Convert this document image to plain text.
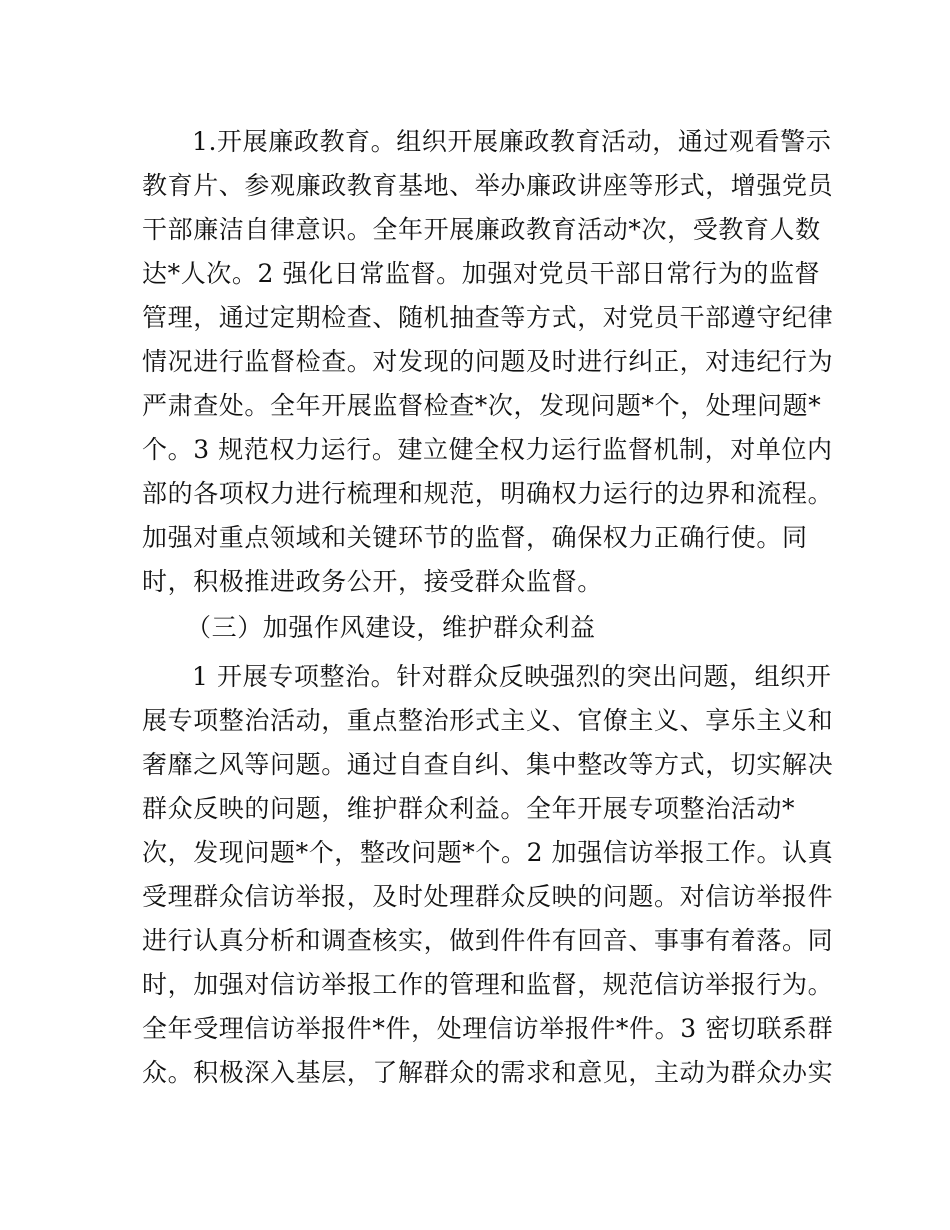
1.开展廉政教育。组织开展廉政教育活动，通过观看警示
教育片、参观廉政教育基地、举办廉政讲座等形式，增强党员
干部廉洁自律意识。全年开展廉政教育活动*次，受教育人数
达*人次。2 强化日常监督。加强对党员干部日常行为的监督
管理，通过定期检查、随机抽查等方式，对党员干部遵守纪律
情况进行监督检查。对发现的问题及时进行纠正，对违纪行为
严肃查处。全年开展监督检查*次，发现问题*个，处理问题*
个。3 规范权力运行。建立健全权力运行监督机制，对单位内
部的各项权力进行梳理和规范，明确权力运行的边界和流程。
加强对重点领域和关键环节的监督，确保权力正确行使。同
时，积极推进政务公开，接受群众监督。
（三）加强作风建设，维护群众利益
1 开展专项整治。针对群众反映强烈的突出问题，组织开
展专项整治活动，重点整治形式主义、官僚主义、享乐主义和
奢靡之风等问题。通过自查自纠、集中整改等方式，切实解决
群众反映的问题，维护群众利益。全年开展专项整治活动*
次，发现问题*个，整改问题*个。2 加强信访举报工作。认真
受理群众信访举报，及时处理群众反映的问题。对信访举报件
进行认真分析和调查核实，做到件件有回音、事事有着落。同
时，加强对信访举报工作的管理和监督，规范信访举报行为。
全年受理信访举报件*件，处理信访举报件*件。3 密切联系群
众。积极深入基层，了解群众的需求和意见，主动为群众办实
